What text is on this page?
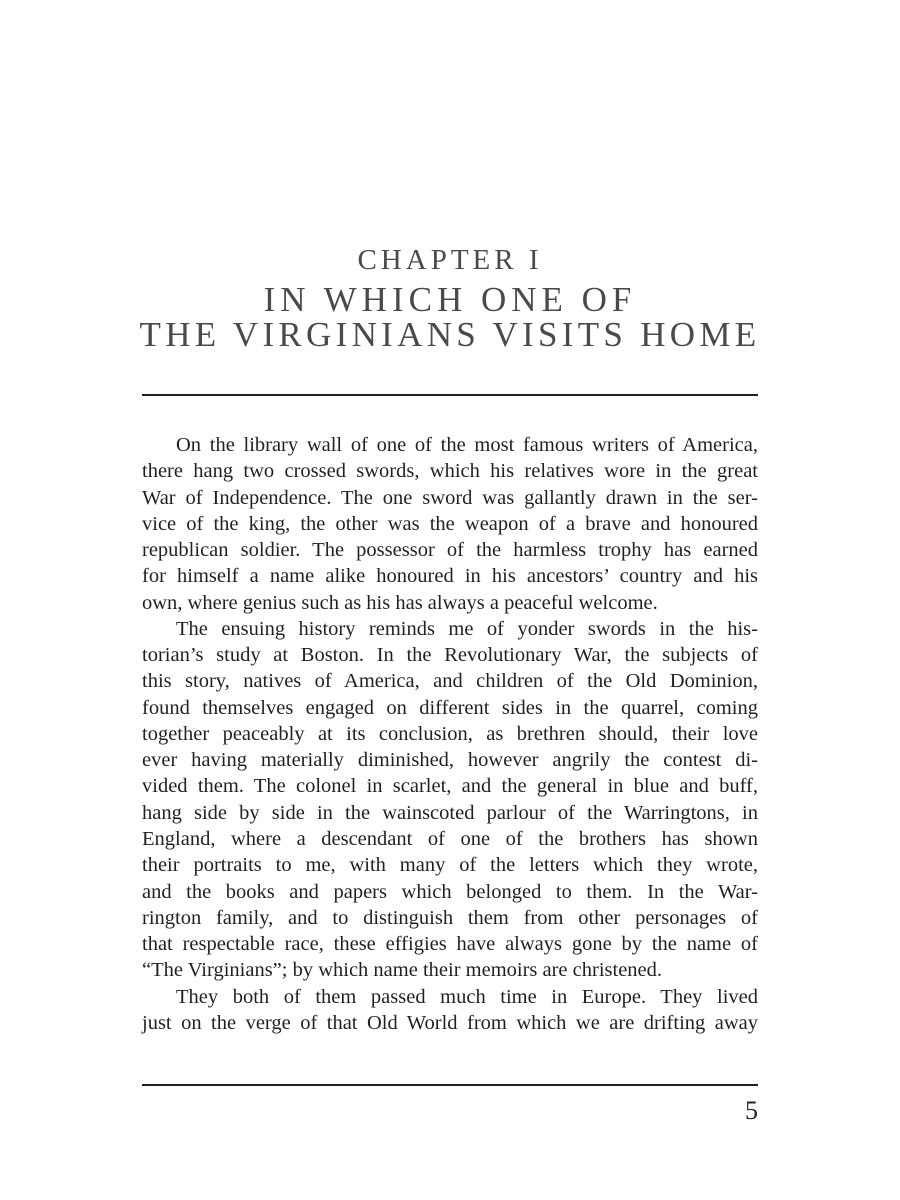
CHAPTER I
IN WHICH ONE OF
THE VIRGINIANS VISITS HOME
On the library wall of one of the most famous writers of America,
there hang two crossed swords, which his relatives wore in the great
War of Independence. The one sword was gallantly drawn in the ser-
vice of the king, the other was the weapon of a brave and honoured
republican soldier. The possessor of the harmless trophy has earned
for himself a name alike honoured in his ancestors’ country and his
own, where genius such as his has always a peaceful welcome.
The ensuing history reminds me of yonder swords in the his-
torian’s study at Boston. In the Revolutionary War, the subjects of
this story, natives of America, and children of the Old Dominion,
found themselves engaged on different sides in the quarrel, coming
together peaceably at its conclusion, as brethren should, their love
ever having materially diminished, however angrily the contest di-
vided them. The colonel in scarlet, and the general in blue and buff,
hang side by side in the wainscoted parlour of the Warringtons, in
England, where a descendant of one of the brothers has shown
their portraits to me, with many of the letters which they wrote,
and the books and papers which belonged to them. In the War-
rington family, and to distinguish them from other personages of
that respectable race, these effigies have always gone by the name of
“The Virginians”; by which name their memoirs are christened.
They both of them passed much time in Europe. They lived
just on the verge of that Old World from which we are drifting away
5
